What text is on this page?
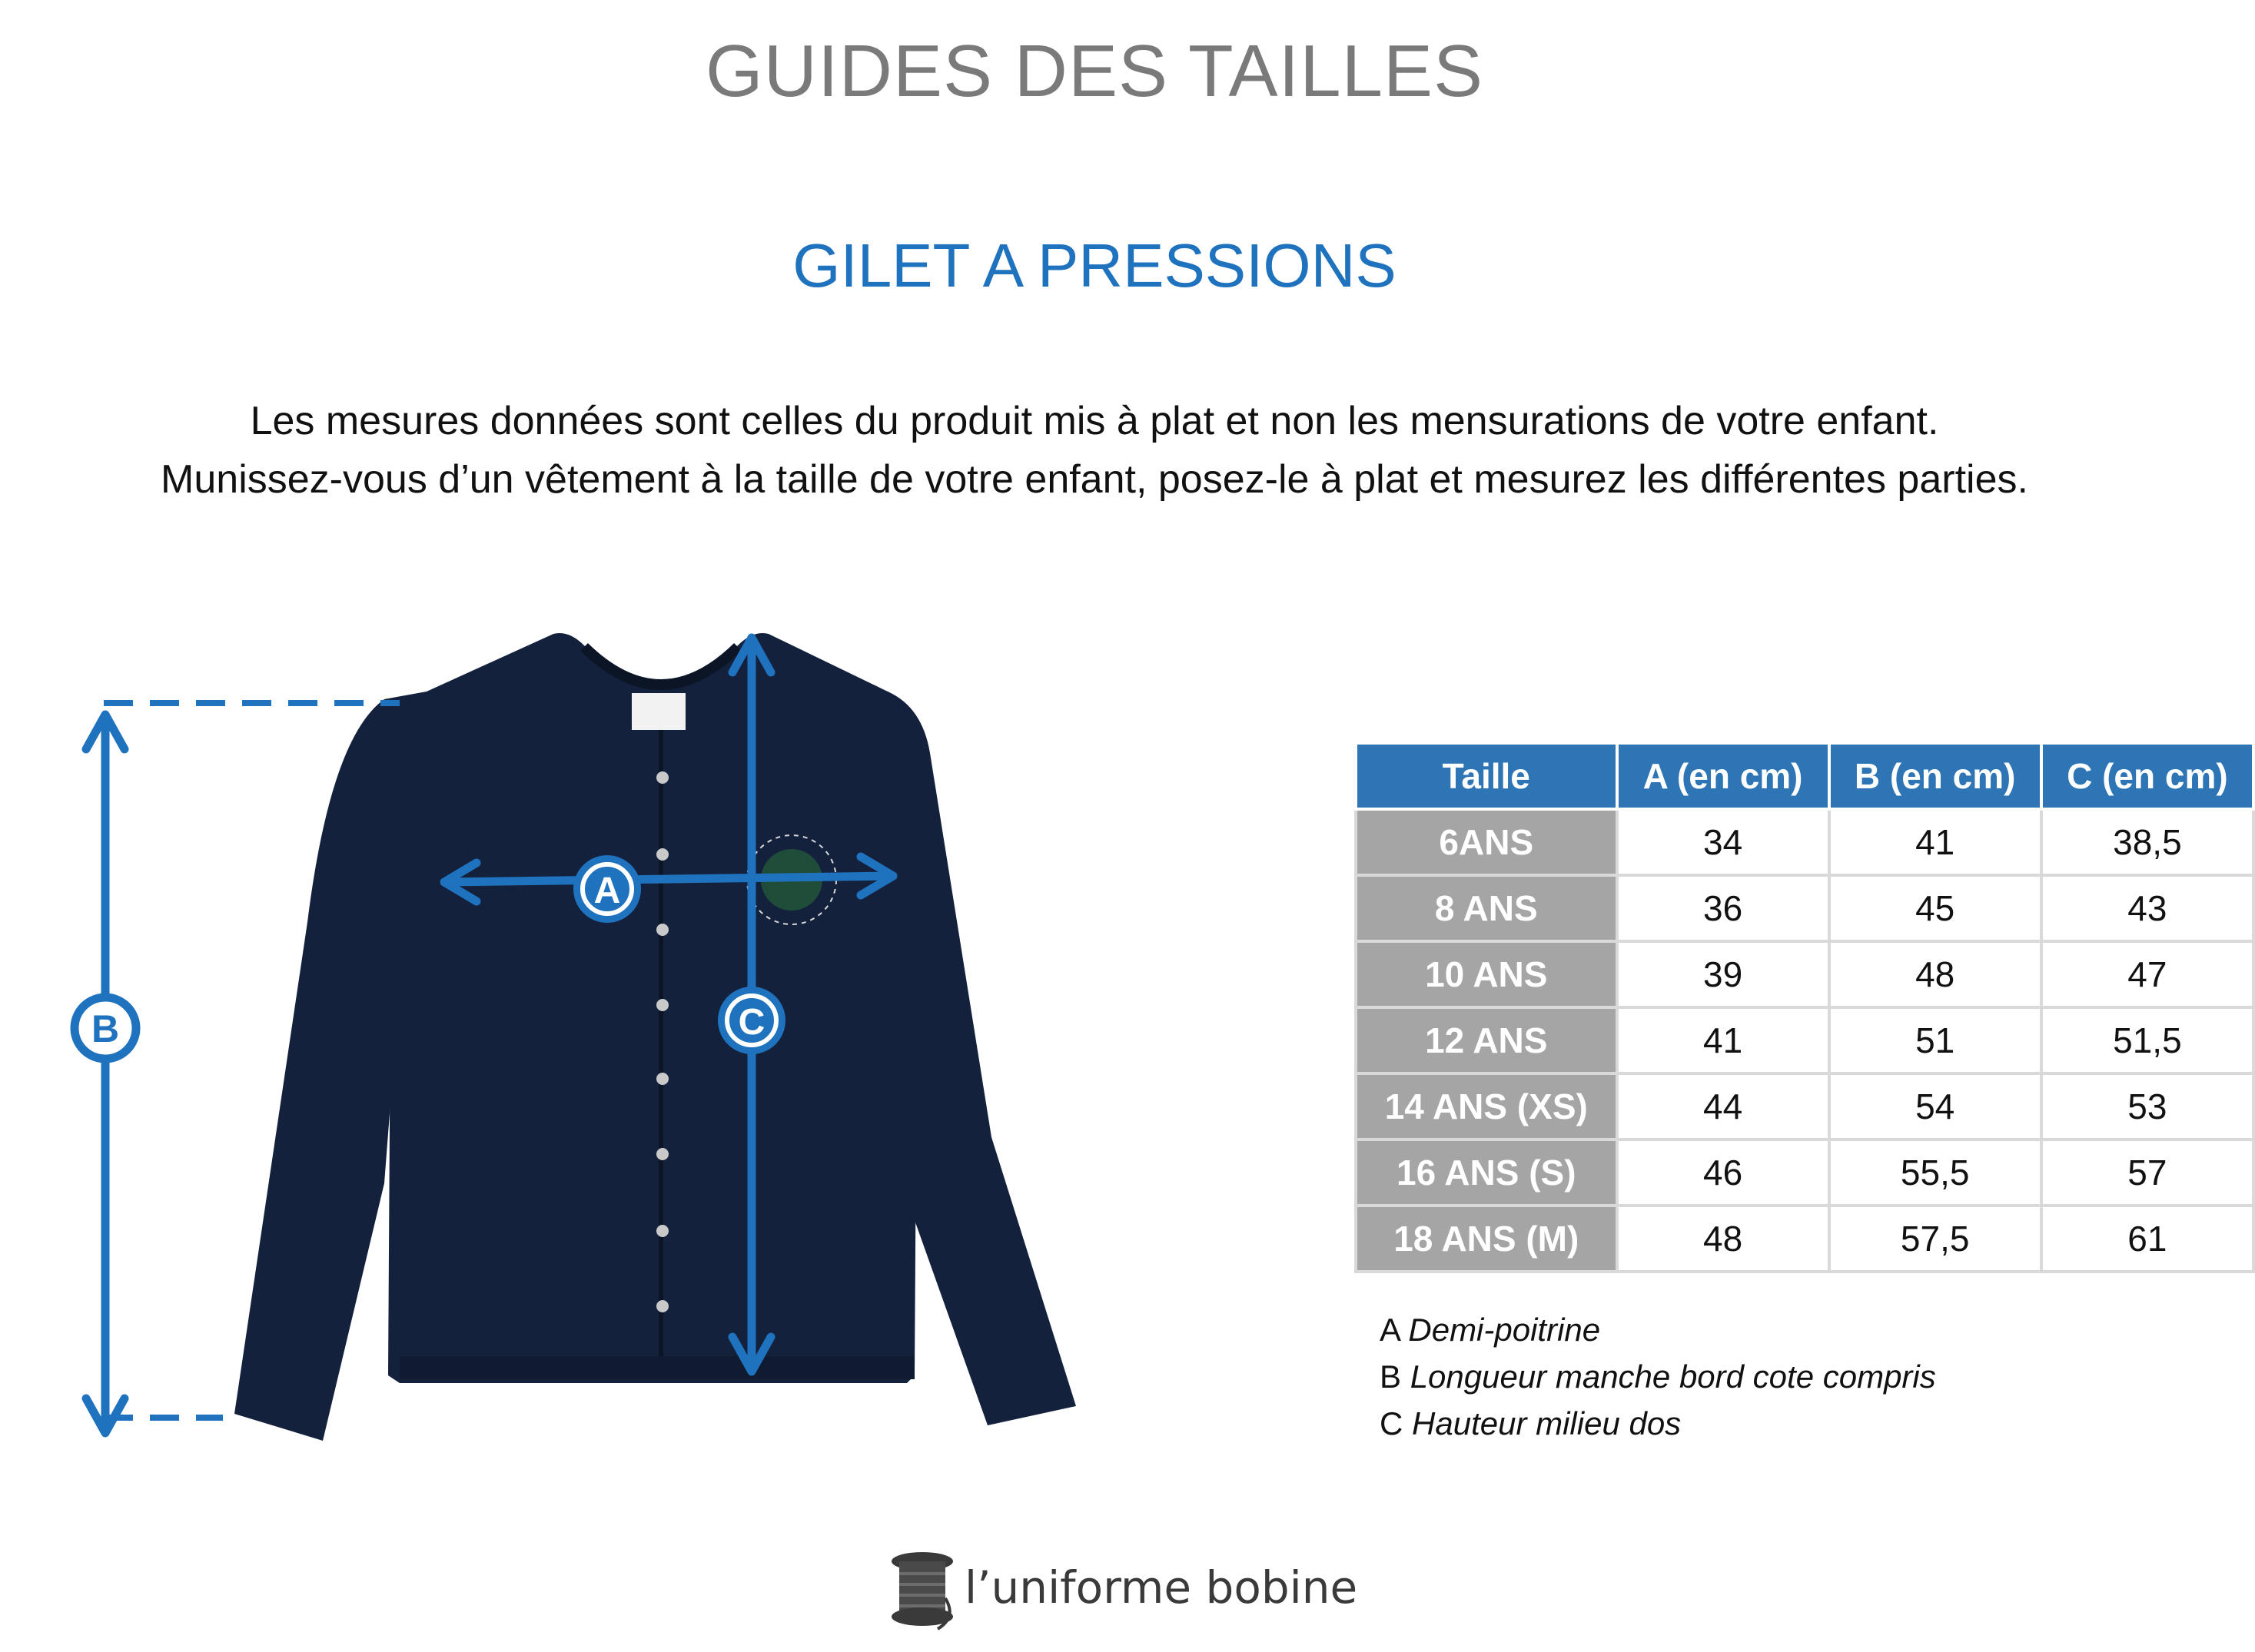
GUIDES DES TAILLES
GILET A PRESSIONS
Les mesures données sont celles du produit mis à plat et non les mensurations de votre enfant.
Munissez-vous d’un vêtement à la taille de votre enfant, posez-le à plat et mesurez les différentes parties.
B
A
C
Taille	A (en cm)	B (en cm)	C (en cm)
6ANS	34	41	38,5
8 ANS	36	45	43
10 ANS	39	48	47
12 ANS	41	51	51,5
14 ANS (XS)	44	54	53
16 ANS (S)	46	55,5	57
18 ANS (M)	48	57,5	61
A Demi-poitrine
B Longueur manche bord cote compris
C Hauteur milieu dos
l’uniforme bobine
